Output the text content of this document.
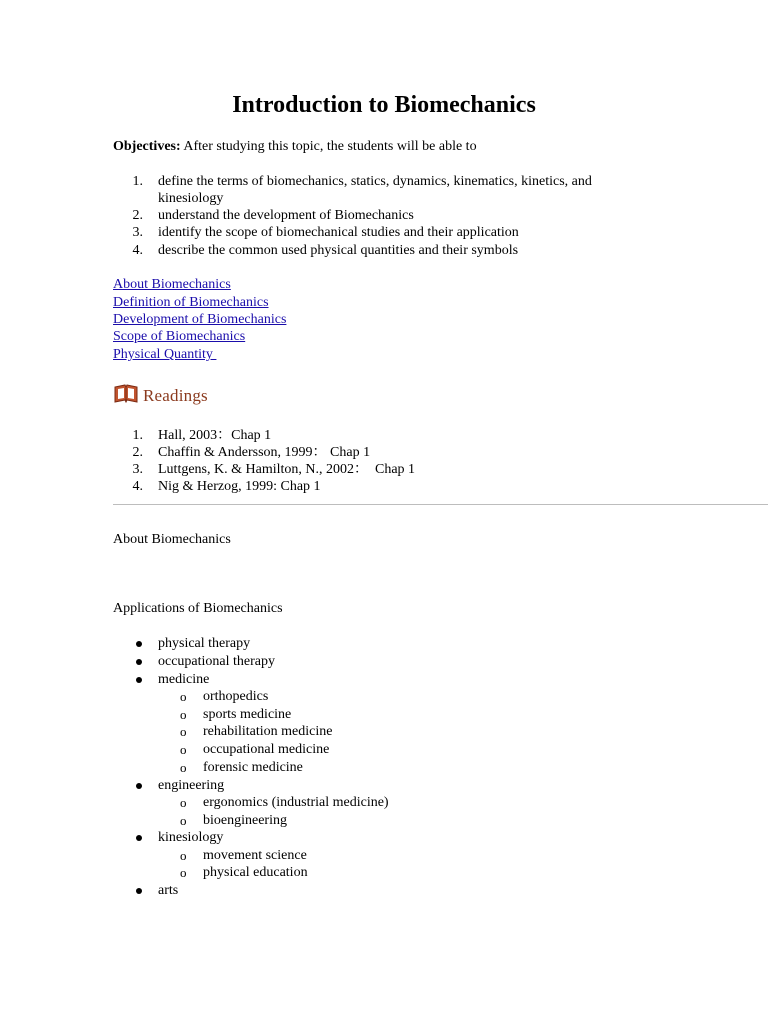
Introduction to Biomechanics
Objectives: After studying this topic, the students will be able to
1. define the terms of biomechanics, statics, dynamics, kinematics, kinetics, and kinesiology
2. understand the development of Biomechanics
3. identify the scope of biomechanical studies and their application
4. describe the common used physical quantities and their symbols
About Biomechanics
Definition of Biomechanics
Development of Biomechanics
Scope of Biomechanics
Physical Quantity
Readings
1. Hall, 2003：Chap 1
2. Chaffin & Andersson, 1999： Chap 1
3. Luttgens, K. & Hamilton, N., 2002：  Chap 1
4. Nig & Herzog, 1999: Chap 1
About Biomechanics
Applications of Biomechanics
physical therapy
occupational therapy
medicine
o orthopedics
o sports medicine
o rehabilitation medicine
o occupational medicine
o forensic medicine
engineering
o ergonomics (industrial medicine)
o bioengineering
kinesiology
o movement science
o physical education
arts
